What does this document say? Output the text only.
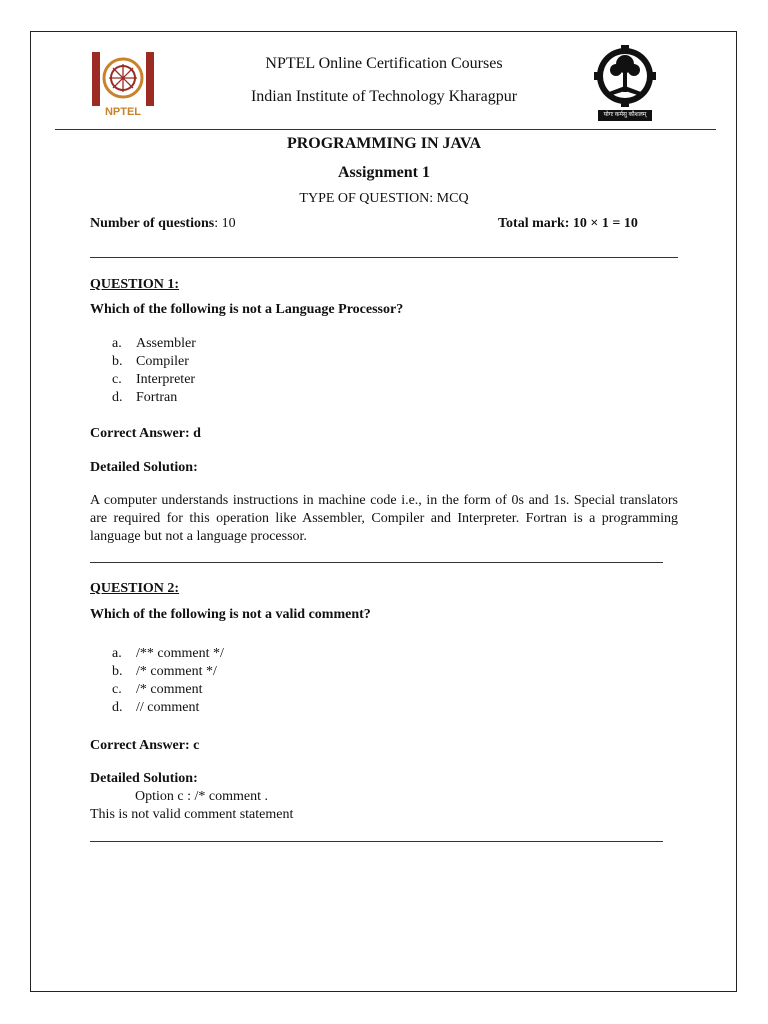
NPTEL
NPTEL Online Certification Courses
Indian Institute of Technology Kharagpur
योगः कर्मसु कौशलम्
PROGRAMMING IN JAVA
Assignment 1
TYPE OF QUESTION: MCQ
Number of questions: 10	Total mark: 10 × 1 = 10
QUESTION 1:
Which of the following is not a Language Processor?
a. Assembler
b. Compiler
c. Interpreter
d. Fortran
Correct Answer: d
Detailed Solution:
A computer understands instructions in machine code i.e., in the form of 0s and 1s. Special translators are required for this operation like Assembler, Compiler and Interpreter. Fortran is a programming language but not a language processor.
QUESTION 2:
Which of the following is not a valid comment?
a. /** comment */
b. /* comment */
c. /* comment
d. // comment
Correct Answer: c
Detailed Solution:
Option c : /* comment .
This is not valid comment statement
